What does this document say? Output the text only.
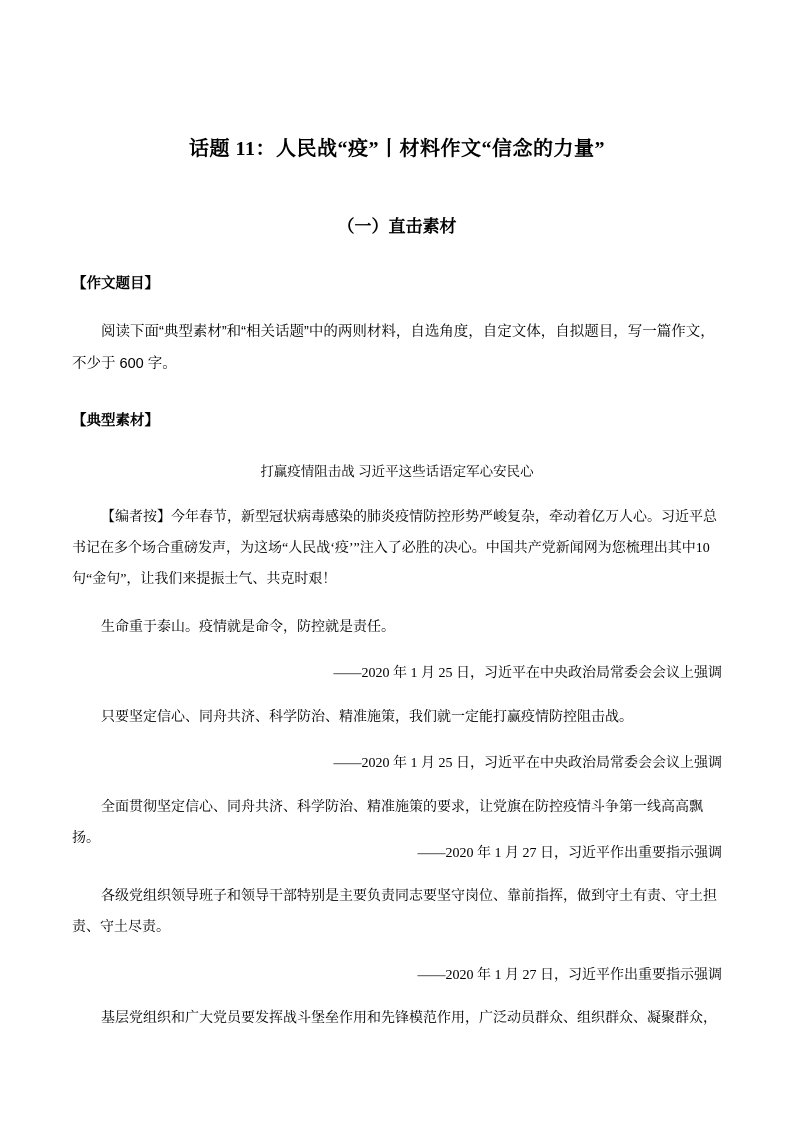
话题 11：人民战“疫”丨材料作文“信念的力量”
（一）直击素材
【作文题目】
阅读下面“典型素材”和“相关话题”中的两则材料，自选角度，自定文体，自拟题目，写一篇作文，不少于 600 字。
【典型素材】
打赢疫情阻击战 习近平这些话语定军心安民心
【编者按】今年春节，新型冠状病毒感染的肺炎疫情防控形势严峻复杂，牵动着亿万人心。习近平总书记在多个场合重磅发声，为这场“人民战‘疫’”注入了必胜的决心。中国共产党新闻网为您梳理出其中10 句“金句”，让我们来提振士气、共克时艰！
生命重于泰山。疫情就是命令，防控就是责任。
——2020 年 1 月 25 日，习近平在中央政治局常委会会议上强调
只要坚定信心、同舟共济、科学防治、精准施策，我们就一定能打赢疫情防控阻击战。
——2020 年 1 月 25 日，习近平在中央政治局常委会会议上强调
全面贯彻坚定信心、同舟共济、科学防治、精准施策的要求，让党旗在防控疫情斗争第一线高高飘扬。
——2020 年 1 月 27 日，习近平作出重要指示强调
各级党组织领导班子和领导干部特别是主要负责同志要坚守岗位、靠前指挥，做到守土有责、守土担责、守土尽责。
——2020 年 1 月 27 日，习近平作出重要指示强调
基层党组织和广大党员要发挥战斗堡垒作用和先锋模范作用，广泛动员群众、组织群众、凝聚群众，
